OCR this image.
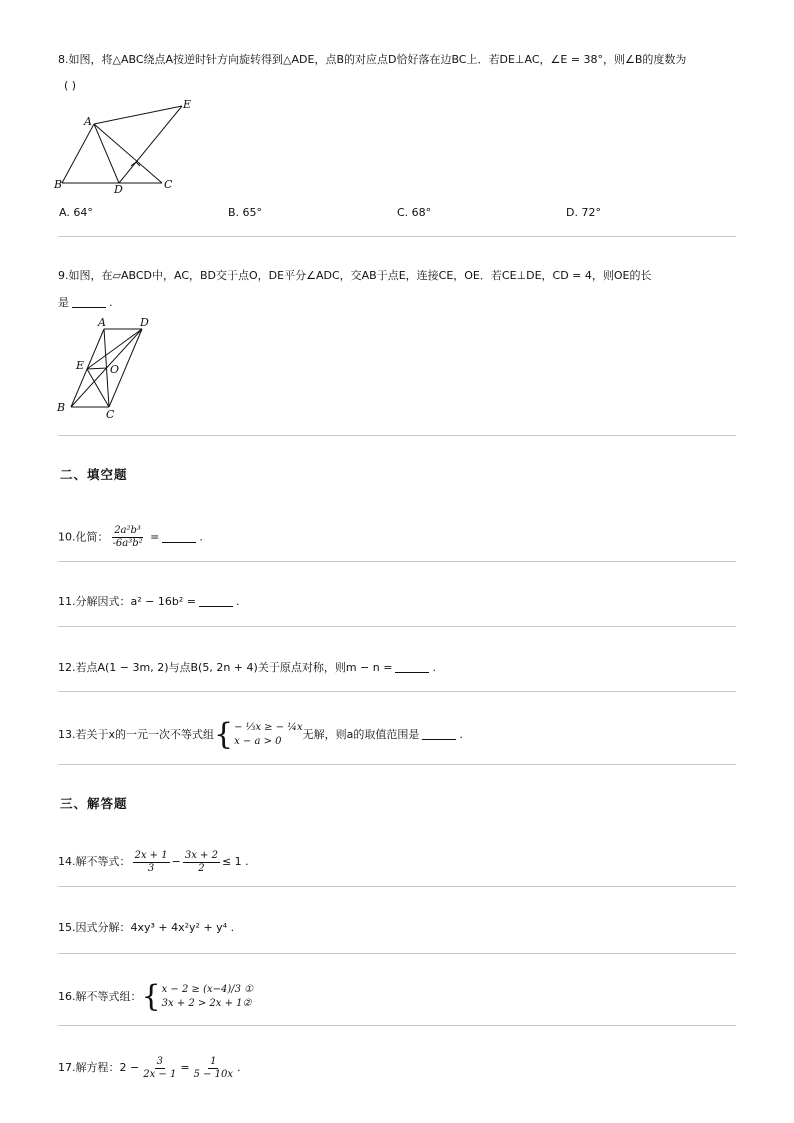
8.如图，将△ABC绕点A按逆时针方向旋转得到△ADE，点B的对应点D恰好落在边BC上．若DE⊥AC，∠E = 38°，则∠B的度数为
( )
A
B	C
D
E
A. 64°	B. 65°	C. 68°	D. 72°
9.如图，在▱ABCD中，AC，BD交于点O，DE平分∠ADC，交AB于点E，连接CE，OE．若CE⊥DE，CD = 4，则OE的长
是	.
A	D
E O
B
C
二、填空题
10.化简： $\frac{\text{2a²b³}}{\text{-6a³b²}}$ =	.
11.分解因式：a² − 16b² =	.
12.若点A(1 − 3m, 2)与点B(5, 2n + 4)关于原点对称，则m − n =	.
13.若关于x的一元一次不等式组 { − ⅓x ≥ − ¼x
x − a > 0
无解，则a的取值范围是	.
三、解答题
14.解不等式： $\frac{2x + 1}{3} - \frac{3x + 2}{2} \le 1$ .
15.因式分解：4xy³ + 4x²y² + y⁴ .
16.解不等式组： { x − 2 ≥ (x−4)/3 ①
3x + 2 > 2x + 1②
17.解方程：$2 - \frac{3}{2x - 1} = \frac{1}{5 - 10x}$ .
